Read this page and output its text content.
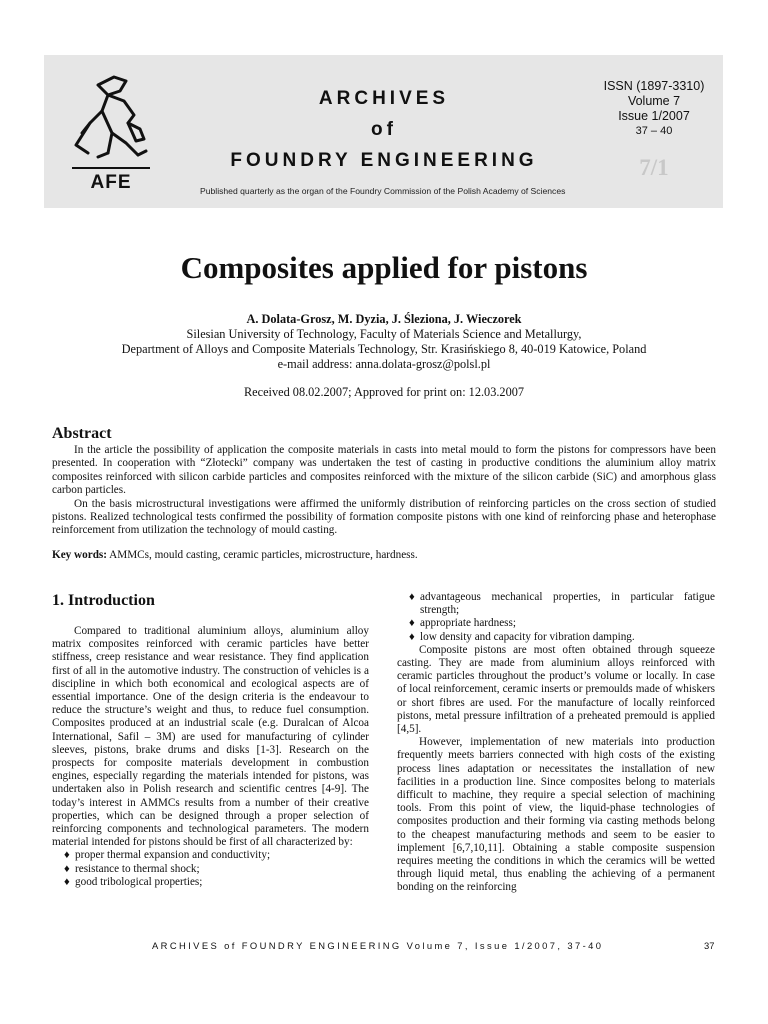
AFE
ARCHIVES
of
FOUNDRY ENGINEERING
ISSN (1897-3310)
Volume 7
Issue 1/2007
37 – 40
7/1
Published quarterly as the organ of the Foundry Commission of the Polish Academy of Sciences
Composites applied for pistons
A. Dolata-Grosz, M. Dyzia, J. Śleziona, J. Wieczorek
Silesian University of Technology, Faculty of Materials Science and Metallurgy,
Department of Alloys and Composite Materials Technology, Str. Krasińskiego 8, 40-019 Katowice, Poland
e-mail address: anna.dolata-grosz@polsl.pl
Received 08.02.2007; Approved for print on: 12.03.2007
Abstract

In the article the possibility of application the composite materials in casts into metal mould to form the pistons for compressors have been presented. In cooperation with “Złotecki” company was undertaken the test of casting in productive conditions the aluminium alloy matrix composites reinforced with silicon carbide particles and composites reinforced with the mixture of the silicon carbide (SiC) and amorphous glass carbon particles.

On the basis microstructural investigations were affirmed the uniformly distribution of reinforcing particles on the cross section of studied pistons. Realized technological tests confirmed the possibility of formation composite pistons with one kind of reinforcing phase and heterophase reinforcement from utilization the technology of mould casting.

Key words: AMMCs, mould casting, ceramic particles, microstructure, hardness.
1. Introduction

Compared to traditional aluminium alloys, aluminium alloy matrix composites reinforced with ceramic particles have better stiffness, creep resistance and wear resistance. They find application first of all in the automotive industry. The construction of vehicles is a discipline in which both economical and ecological aspects are of essential importance. One of the design criteria is the endeavour to reduce the structure’s weight and thus, to reduce fuel consumption. Composites produced at an industrial scale (e.g. Duralcan of Alcoa International, Safil – 3M) are used for manufacturing of cylinder sleeves, pistons, brake drums and disks [1-3]. Research on the prospects for composite materials development in combustion engines, especially regarding the materials intended for pistons, was undertaken also in Polish research and scientific centres [4-9]. The today’s interest in AMMCs results from a number of their creative properties, which can be designed through a proper selection of reinforcing components and technological parameters. The modern material intended for pistons should be first of all characterized by:

♦ proper thermal expansion and conductivity;
♦ resistance to thermal shock;
♦ good tribological properties;
♦ advantageous mechanical properties, in particular fatigue strength;
♦ appropriate hardness;
♦ low density and capacity for vibration damping.

Composite pistons are most often obtained through squeeze casting. They are made from aluminium alloys reinforced with ceramic particles throughout the product’s volume or locally. In case of local reinforcement, ceramic inserts or premoulds made of whiskers or short fibres are used. For the manufacture of locally reinforced pistons, metal pressure infiltration of a preheated premould is applied [4,5].

However, implementation of new materials into production frequently meets barriers connected with high costs of the existing process lines adaptation or necessitates the installation of new facilities in a production line. Since composites belong to materials difficult to machine, they require a special selection of machining tools. From this point of view, the liquid-phase technologies of composites production and their forming via casting methods belong to the cheapest manufacturing methods and seem to be easier to implement [6,7,10,11]. Obtaining a stable composite suspension requires meeting the conditions in which the ceramics will be wetted through liquid metal, thus enabling the achieving of a permanent bonding on the reinforcing

ARCHIVES of FOUNDRY ENGINEERING Volume 7, Issue 1/2007, 37-40	37
